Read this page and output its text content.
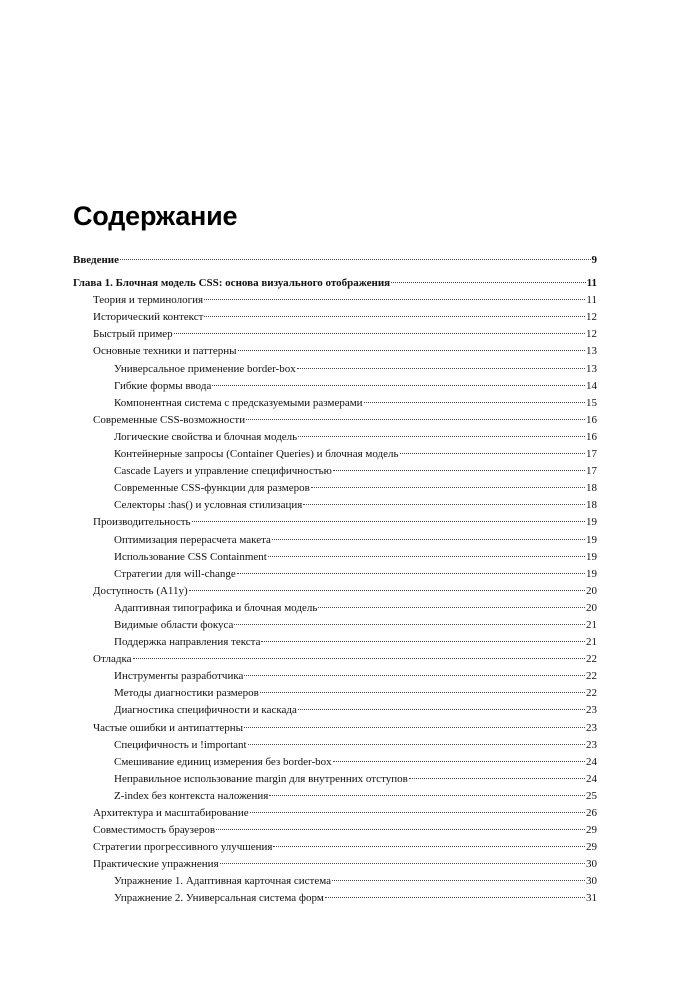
Содержание
Введение	9
Глава 1. Блочная модель CSS: основа визуального отображения	11
Теория и терминология	11
Исторический контекст	12
Быстрый пример	12
Основные техники и паттерны	13
Универсальное применение border-box	13
Гибкие формы ввода	14
Компонентная система с предсказуемыми размерами	15
Современные CSS-возможности	16
Логические свойства и блочная модель	16
Контейнерные запросы (Container Queries) и блочная модель	17
Cascade Layers и управление специфичностью	17
Современные CSS-функции для размеров	18
Селекторы :has() и условная стилизация	18
Производительность	19
Оптимизация перерасчета макета	19
Использование CSS Containment	19
Стратегии для will-change	19
Доступность (A11y)	20
Адаптивная типографика и блочная модель	20
Видимые области фокуса	21
Поддержка направления текста	21
Отладка	22
Инструменты разработчика	22
Методы диагностики размеров	22
Диагностика специфичности и каскада	23
Частые ошибки и антипаттерны	23
Специфичность и !important	23
Смешивание единиц измерения без border-box	24
Неправильное использование margin для внутренних отступов	24
Z-index без контекста наложения	25
Архитектура и масштабирование	26
Совместимость браузеров	29
Стратегии прогрессивного улучшения	29
Практические упражнения	30
Упражнение 1. Адаптивная карточная система	30
Упражнение 2. Универсальная система форм	31
